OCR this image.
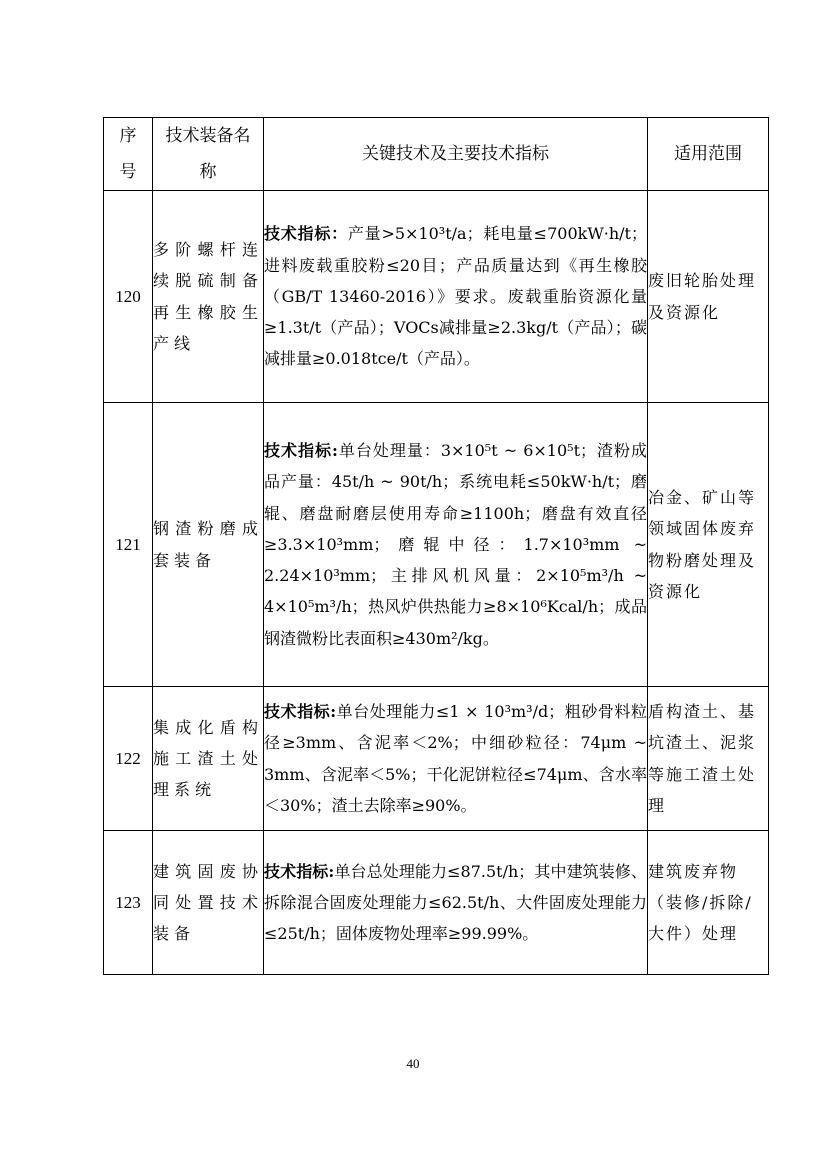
序号	技术装备名称	关键技术及主要技术指标	适用范围
120	多阶螺杆连续脱硫制备再生橡胶生产线	技术指标：产量>5×10³t/a；耗电量≤700kW·h/t；进料废载重胶粉≤20目；产品质量达到《再生橡胶（GB/T 13460-2016）》要求。废载重胎资源化量≥1.3t/t（产品）；VOCs减排量≥2.3kg/t（产品）；碳减排量≥0.018tce/t（产品）。	废旧轮胎处理及资源化
121	钢渣粉磨成套装备	技术指标:单台处理量：3×10⁵t ~ 6×10⁵t；渣粉成品产量：45t/h ~ 90t/h；系统电耗≤50kW·h/t；磨辊、磨盘耐磨层使用寿命≥1100h；磨盘有效直径≥3.3×10³mm；磨辊中径：1.7×10³mm ~ 2.24×10³mm；主排风机风量：2×10⁵m³/h ~ 4×10⁵m³/h；热风炉供热能力≥8×10⁶Kcal/h；成品钢渣微粉比表面积≥430m²/kg。	冶金、矿山等领域固体废弃物粉磨处理及资源化
122	集成化盾构施工渣土处理系统	技术指标:单台处理能力≤1 × 10³m³/d；粗砂骨料粒径≥3mm、含泥率＜2%；中细砂粒径：74μm ~ 3mm、含泥率＜5%；干化泥饼粒径≤74μm、含水率＜30%；渣土去除率≥90%。	盾构渣土、基坑渣土、泥浆等施工渣土处理
123	建筑固废协同处置技术装备	技术指标:单台总处理能力≤87.5t/h；其中建筑装修、拆除混合固废处理能力≤62.5t/h、大件固废处理能力≤25t/h；固体废物处理率≥99.99%。	建筑废弃物（装修/拆除/大件）处理
40
